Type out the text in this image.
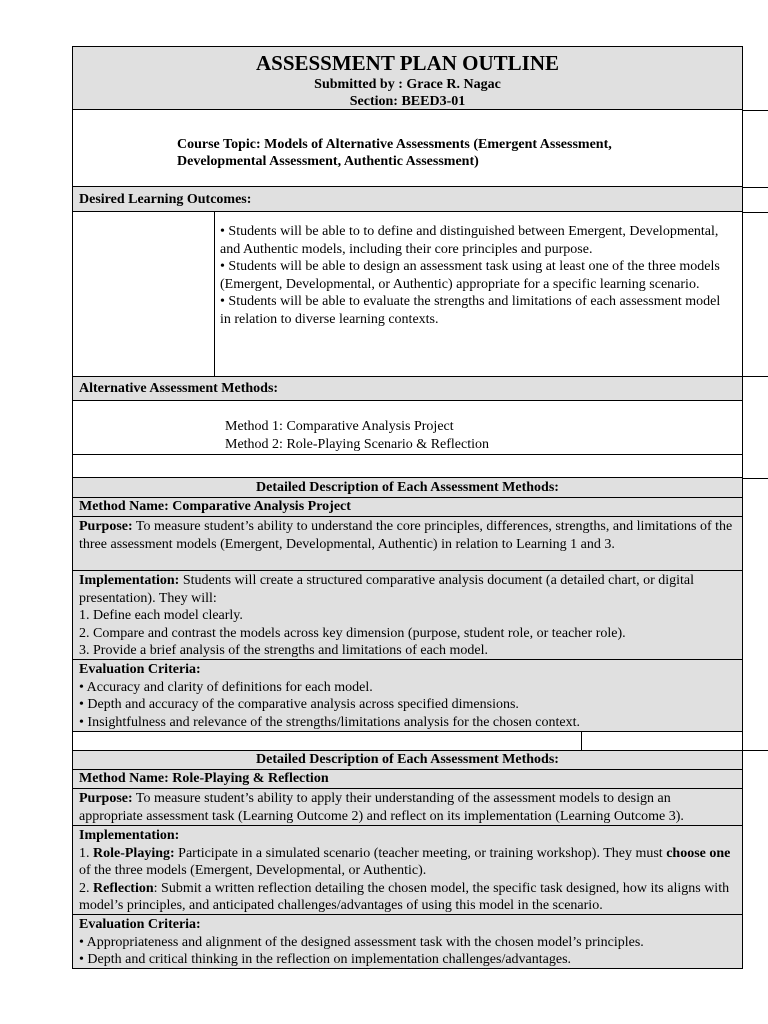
ASSESSMENT PLAN OUTLINE
Submitted by : Grace R. Nagac
Section: BEED3-01
Course Topic: Models of Alternative Assessments (Emergent Assessment,
Developmental Assessment, Authentic Assessment)
Desired Learning Outcomes:
• Students will be able to to define and distinguished between Emergent, Developmental, and Authentic models, including their core principles and purpose.
• Students will be able to design an assessment task using at least one of the three models (Emergent, Developmental, or Authentic) appropriate for a specific learning scenario.
• Students will be able to evaluate the strengths and limitations of each assessment model in relation to diverse learning contexts.
Alternative Assessment Methods:
Method 1: Comparative Analysis Project
Method 2: Role-Playing Scenario & Reflection
Detailed Description of Each Assessment Methods:
Method Name: Comparative Analysis Project
Purpose: To measure student’s ability to understand the core principles, differences, strengths, and limitations of the three assessment models (Emergent, Developmental, Authentic) in relation to Learning 1 and 3.
Implementation: Students will create a structured comparative analysis document (a detailed chart, or digital presentation). They will:
1. Define each model clearly.
2. Compare and contrast the models across key dimension (purpose, student role, or teacher role).
3. Provide a brief analysis of the strengths and limitations of each model.
Evaluation Criteria:
• Accuracy and clarity of definitions for each model.
• Depth and accuracy of the comparative analysis across specified dimensions.
• Insightfulness and relevance of the strengths/limitations analysis for the chosen context.
Detailed Description of Each Assessment Methods:
Method Name: Role-Playing & Reflection
Purpose: To measure student’s ability to apply their understanding of the assessment models to design an appropriate assessment task (Learning Outcome 2) and reflect on its implementation (Learning Outcome 3).
Implementation:
1. Role-Playing: Participate in a simulated scenario (teacher meeting, or training workshop). They must choose one of the three models (Emergent, Developmental, or Authentic).
2. Reflection: Submit a written reflection detailing the chosen model, the specific task designed, how its aligns with model’s principles, and anticipated challenges/advantages of using this model in the scenario.
Evaluation Criteria:
• Appropriateness and alignment of the designed assessment task with the chosen model’s principles.
• Depth and critical thinking in the reflection on implementation challenges/advantages.
